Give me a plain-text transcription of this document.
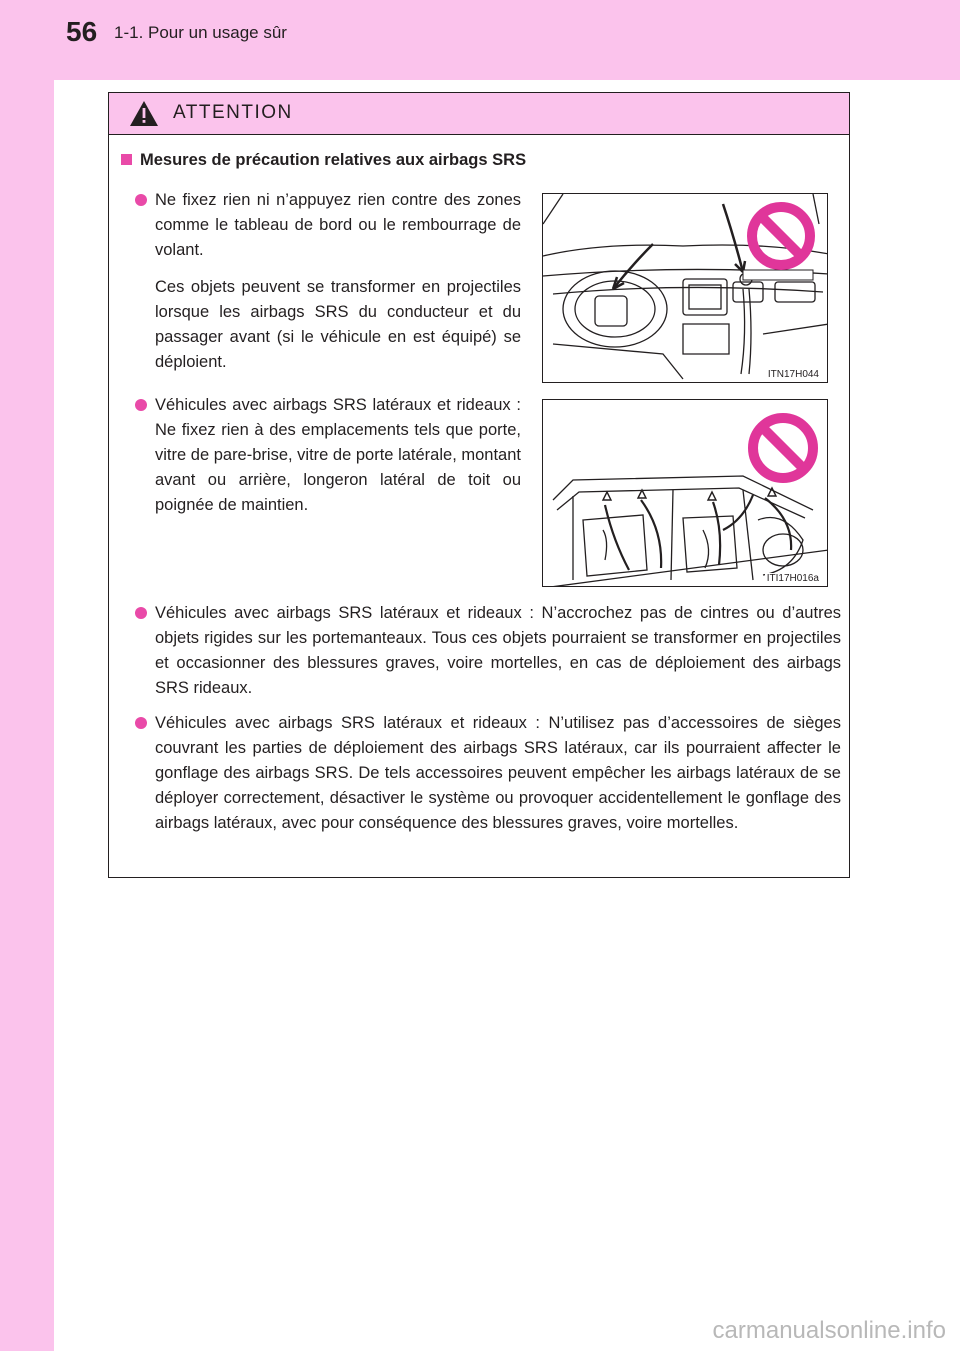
56 1-1. Pour un usage sûr
ATTENTION
Mesures de précaution relatives aux airbags SRS
Ne fixez rien ni n’appuyez rien contre des zones comme le tableau de bord ou le rembourrage de volant.
Ces objets peuvent se transformer en projectiles lorsque les airbags SRS du conducteur et du passager avant (si le véhicule en est équipé) se déploient.
ITN17H044
Véhicules avec airbags SRS latéraux et rideaux : Ne fixez rien à des emplacements tels que porte, vitre de pare-brise, vitre de porte latérale, montant avant ou arrière, longeron latéral de toit ou poignée de maintien.
ITI17H016a
Véhicules avec airbags SRS latéraux et rideaux : N’accrochez pas de cintres ou d’autres objets rigides sur les portemanteaux. Tous ces objets pourraient se transformer en projectiles et occasionner des blessures graves, voire mortelles, en cas de déploiement des airbags SRS rideaux.
Véhicules avec airbags SRS latéraux et rideaux : N’utilisez pas d’accessoires de sièges couvrant les parties de déploiement des airbags SRS latéraux, car ils pourraient affecter le gonflage des airbags SRS. De tels accessoires peuvent empêcher les airbags latéraux de se déployer correctement, désactiver le système ou provoquer accidentellement le gonflage des airbags latéraux, avec pour conséquence des blessures graves, voire mortelles.
carmanualsonline.info
